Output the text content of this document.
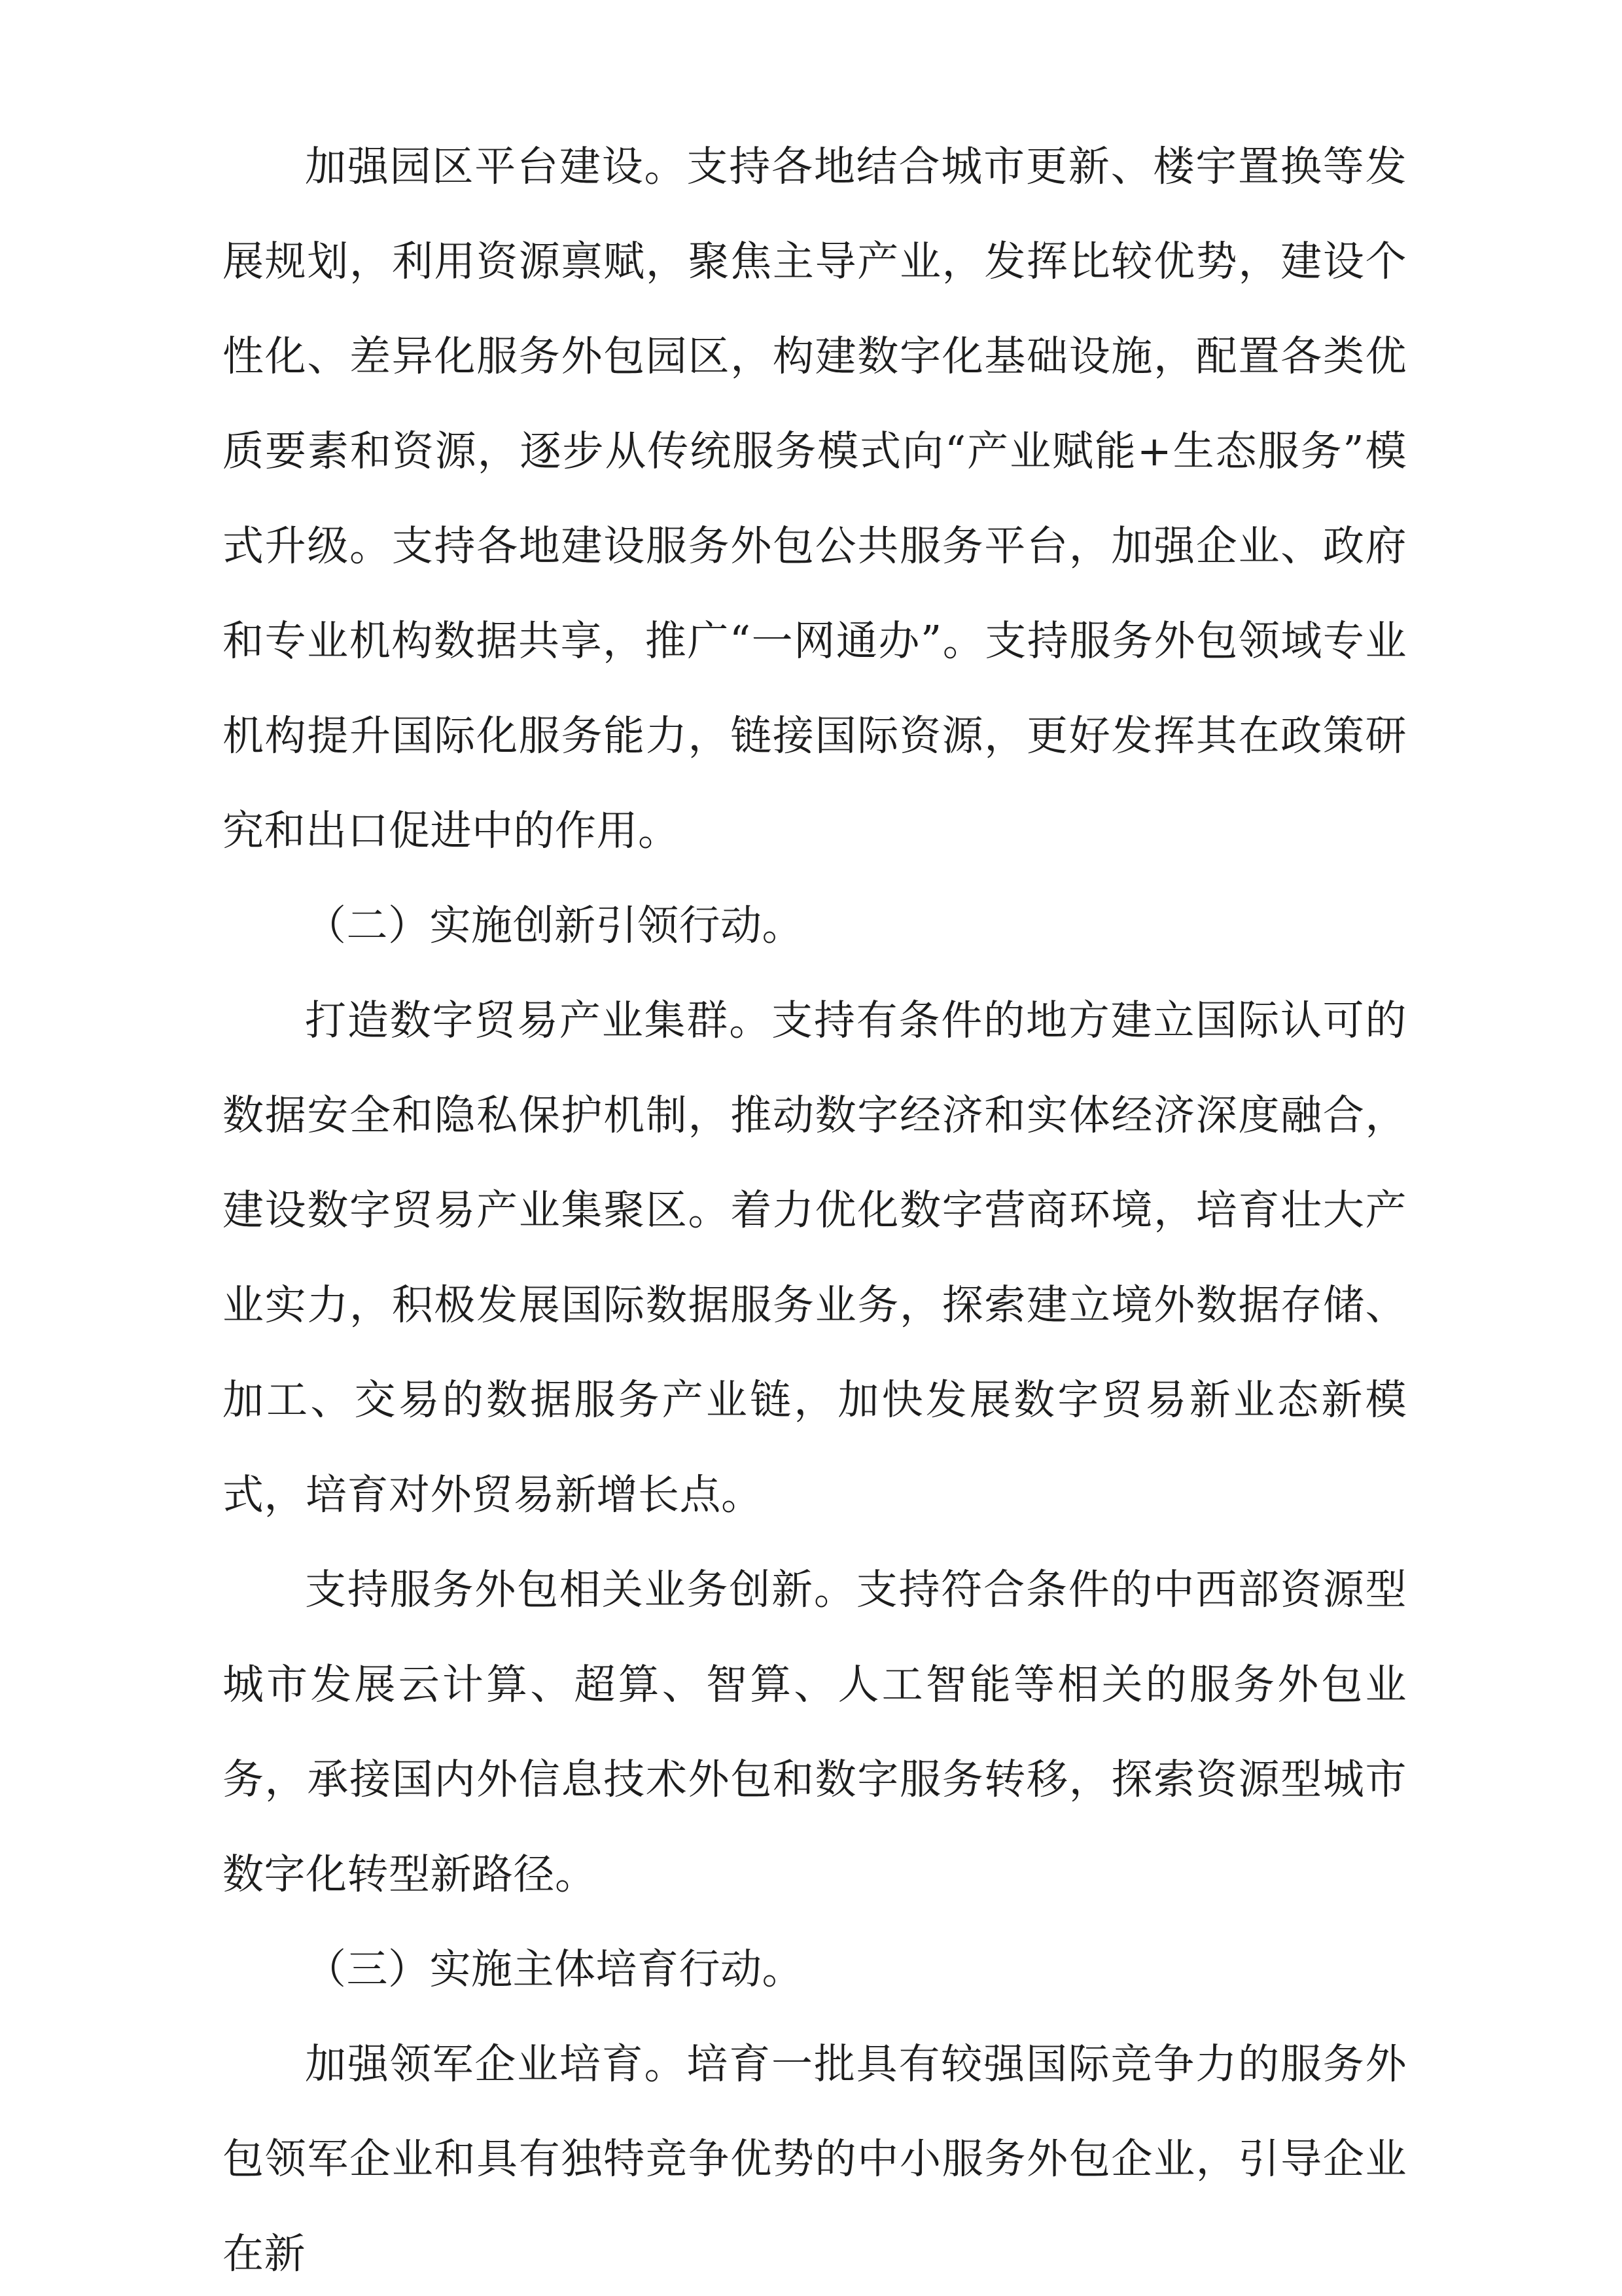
加强园区平台建设。支持各地结合城市更新、楼宇置换等发展规划，利用资源禀赋，聚焦主导产业，发挥比较优势，建设个性化、差异化服务外包园区，构建数字化基础设施，配置各类优质要素和资源，逐步从传统服务模式向“产业赋能+生态服务”模式升级。支持各地建设服务外包公共服务平台，加强企业、政府和专业机构数据共享，推广“一网通办”。支持服务外包领域专业机构提升国际化服务能力，链接国际资源，更好发挥其在政策研究和出口促进中的作用。

（二）实施创新引领行动。

打造数字贸易产业集群。支持有条件的地方建立国际认可的数据安全和隐私保护机制，推动数字经济和实体经济深度融合，建设数字贸易产业集聚区。着力优化数字营商环境，培育壮大产业实力，积极发展国际数据服务业务，探索建立境外数据存储、加工、交易的数据服务产业链，加快发展数字贸易新业态新模式，培育对外贸易新增长点。

支持服务外包相关业务创新。支持符合条件的中西部资源型城市发展云计算、超算、智算、人工智能等相关的服务外包业务，承接国内外信息技术外包和数字服务转移，探索资源型城市数字化转型新路径。

（三）实施主体培育行动。

加强领军企业培育。培育一批具有较强国际竞争力的服务外包领军企业和具有独特竞争优势的中小服务外包企业，引导企业在新
